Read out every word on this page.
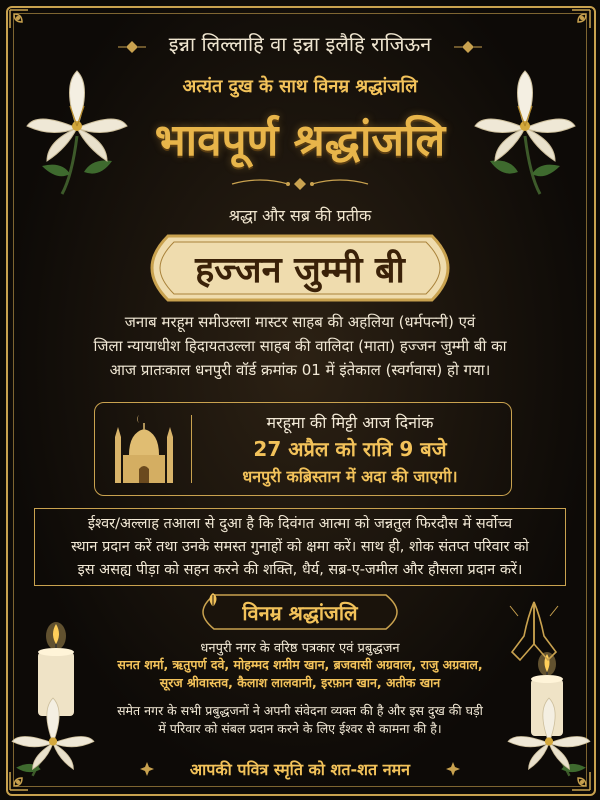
इन्ना लिल्लाहि वा इन्ना इलैहि राजिऊन
अत्यंत दुख के साथ विनम्र श्रद्धांजलि
भावपूर्ण श्रद्धांजलि
श्रद्धा और सब्र की प्रतीक
हज्जन जुम्मी बी
जनाब मरहूम समीउल्ला मास्टर साहब की अहलिया (धर्मपत्नी) एवं
जिला न्यायाधीश हिदायतउल्ला साहब की वालिदा (माता) हज्जन जुम्मी बी का
आज प्रातःकाल धनपुरी वॉर्ड क्रमांक 01 में इंतेकाल (स्वर्गवास) हो गया।
मरहूमा की मिट्टी आज दिनांक
27 अप्रैल को रात्रि 9 बजे
धनपुरी कब्रिस्तान में अदा की जाएगी।
ईश्वर/अल्लाह तआला से दुआ है कि दिवंगत आत्मा को जन्नतुल फिरदौस में सर्वोच्च
स्थान प्रदान करें तथा उनके समस्त गुनाहों को क्षमा करें। साथ ही, शोक संतप्त परिवार को
इस असह्य पीड़ा को सहन करने की शक्ति, धैर्य, सब्र-ए-जमील और हौसला प्रदान करें।
विनम्र श्रद्धांजलि
धनपुरी नगर के वरिष्ठ पत्रकार एवं प्रबुद्धजन
सनत शर्मा, ऋतुपर्ण दवे, मोहम्मद शमीम खान, ब्रजवासी अग्रवाल, राजु अग्रवाल,
सूरज श्रीवास्तव, कैलाश लालवानी, इरफ़ान खान, अतीक खान
समेत नगर के सभी प्रबुद्धजनों ने अपनी संवेदना व्यक्त की है और इस दुख की घड़ी
में परिवार को संबल प्रदान करने के लिए ईश्वर से कामना की है।
आपकी पवित्र स्मृति को शत-शत नमन
